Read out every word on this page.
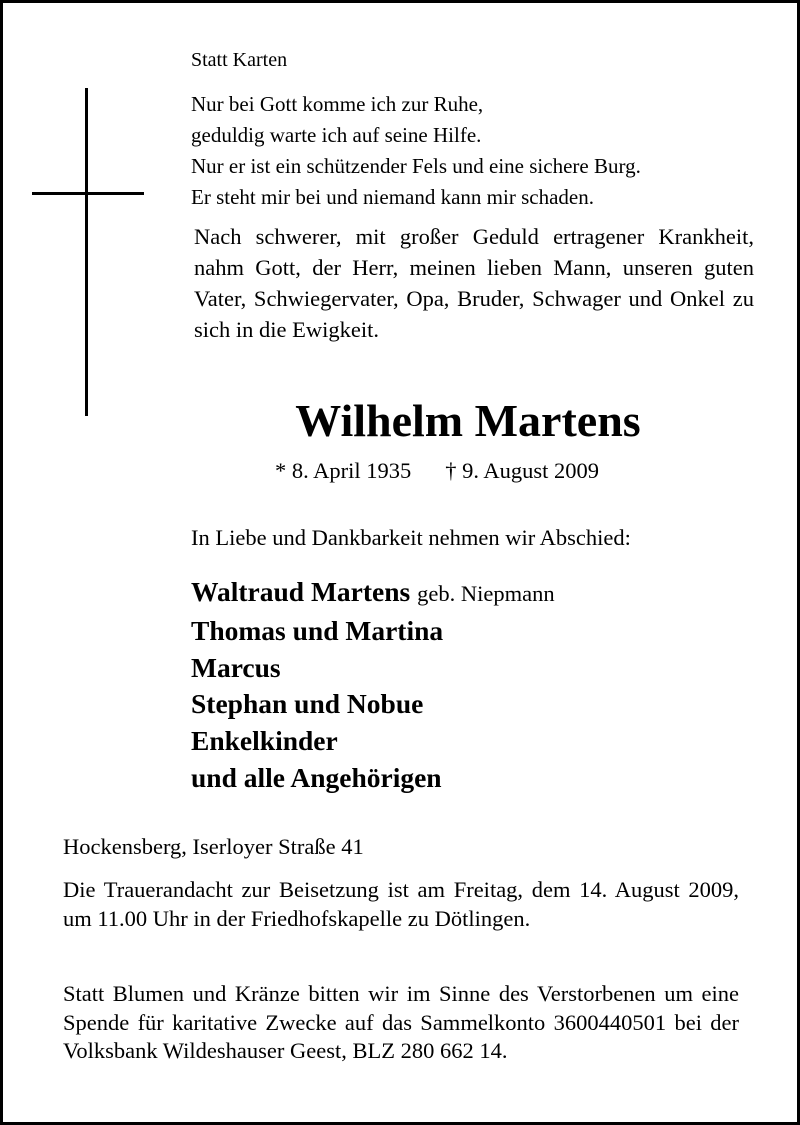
Statt Karten
Nur bei Gott komme ich zur Ruhe,
geduldig warte ich auf seine Hilfe.
Nur er ist ein schützender Fels und eine sichere Burg.
Er steht mir bei und niemand kann mir schaden.
Nach schwerer, mit großer Geduld ertragener Krankheit, nahm Gott, der Herr, meinen lieben Mann, unseren guten Vater, Schwiegervater, Opa, Bruder, Schwager und Onkel zu sich in die Ewigkeit.
Wilhelm Martens
* 8. April 1935 † 9. August 2009
In Liebe und Dankbarkeit nehmen wir Abschied:
Waltraud Martens geb. Niepmann
Thomas und Martina
Marcus
Stephan und Nobue
Enkelkinder
und alle Angehörigen
Hockensberg, Iserloyer Straße 41
Die Trauerandacht zur Beisetzung ist am Freitag, dem 14. August 2009, um 11.00 Uhr in der Friedhofskapelle zu Dötlingen.
Statt Blumen und Kränze bitten wir im Sinne des Verstorbenen um eine Spende für karitative Zwecke auf das Sammelkonto 3600440501 bei der Volksbank Wildeshauser Geest, BLZ 280 662 14.
